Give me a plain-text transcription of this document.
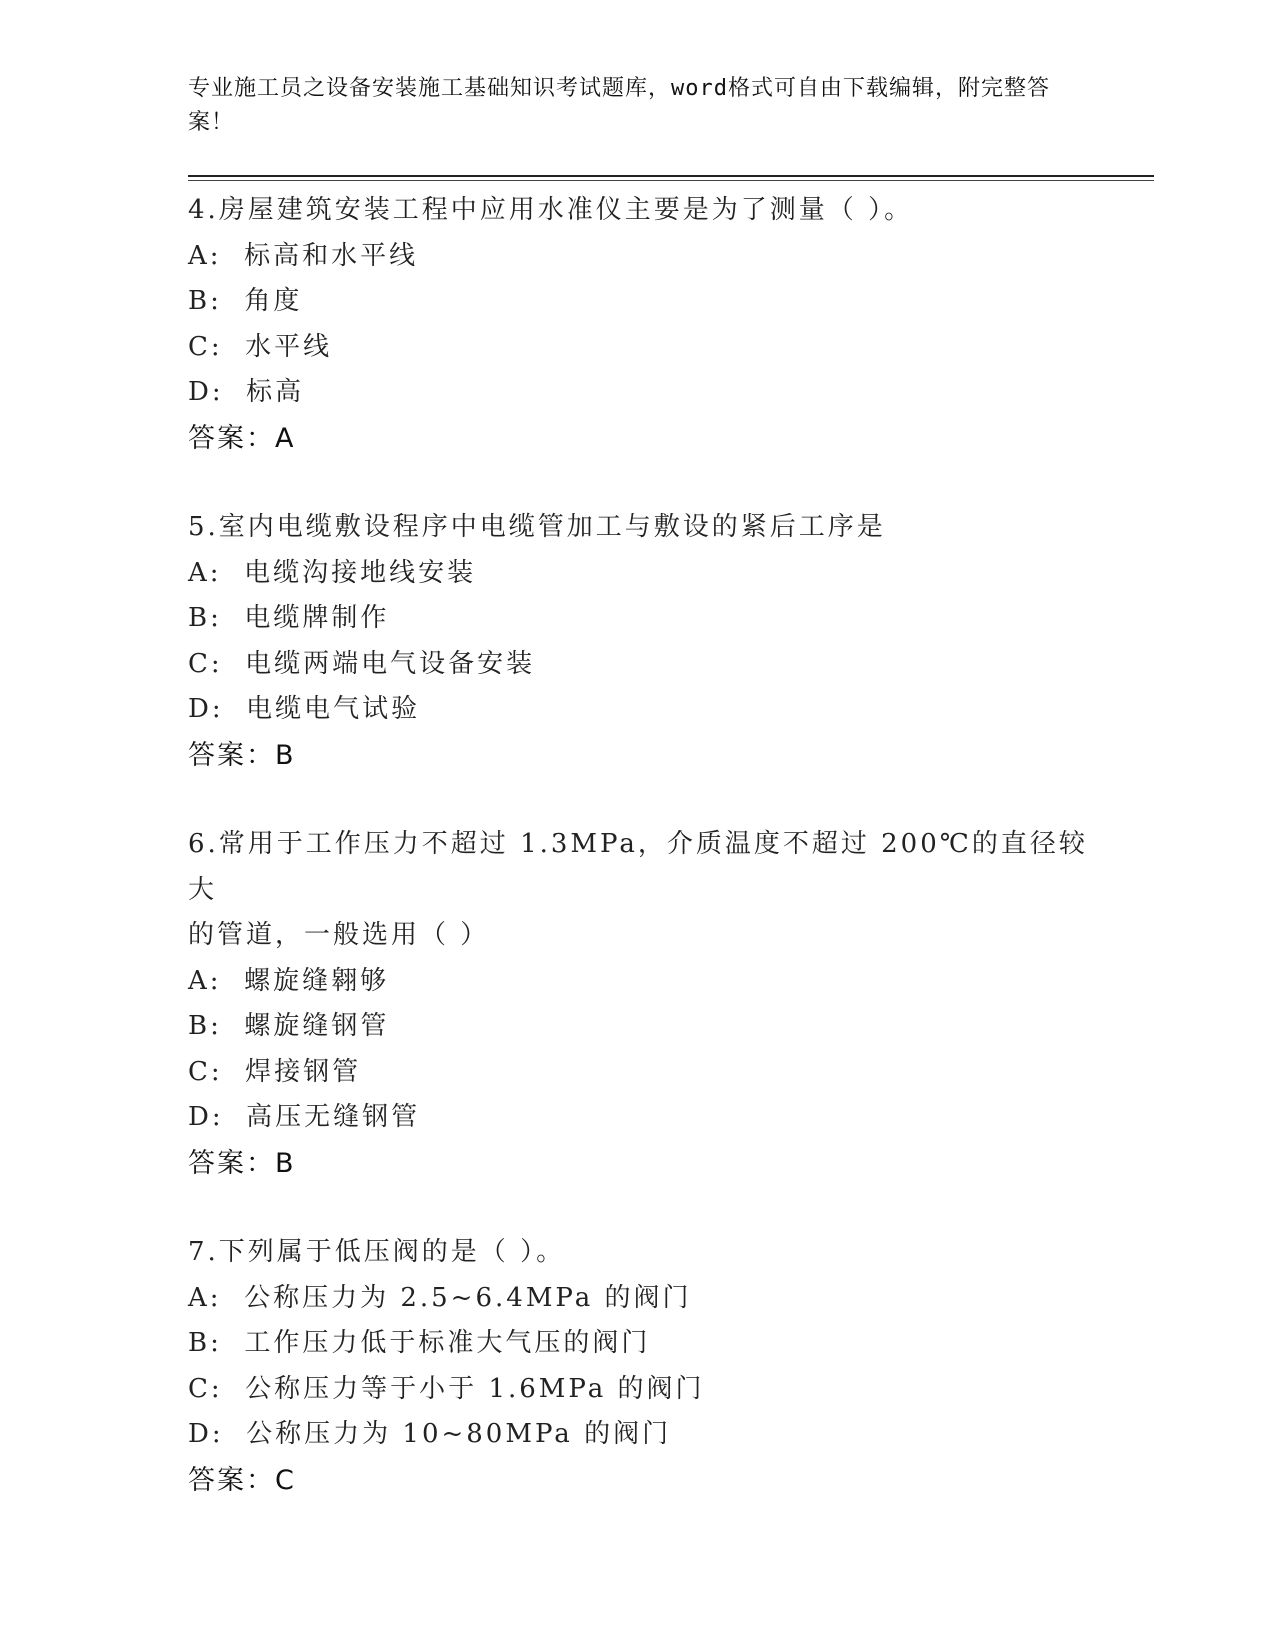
专业施工员之设备安装施工基础知识考试题库，word格式可自由下载编辑，附完整答案！
4.房屋建筑安装工程中应用水准仪主要是为了测量（ ）。
A:  标高和水平线
B:  角度
C:  水平线
D:  标高
答案：A
5.室内电缆敷设程序中电缆管加工与敷设的紧后工序是
A:  电缆沟接地线安装
B:  电缆牌制作
C:  电缆两端电气设备安装
D:  电缆电气试验
答案：B
6.常用于工作压力不超过 1.3MPa，介质温度不超过 200℃的直径较大
的管道，一般选用（ ）
A:  螺旋缝翱够
B:  螺旋缝钢管
C:  焊接钢管
D:  高压无缝钢管
答案：B
7.下列属于低压阀的是（ ）。
A:  公称压力为 2.5~6.4MPa 的阀门
B:  工作压力低于标准大气压的阀门
C:  公称压力等于小于 1.6MPa 的阀门
D:  公称压力为 10~80MPa 的阀门
答案：C
